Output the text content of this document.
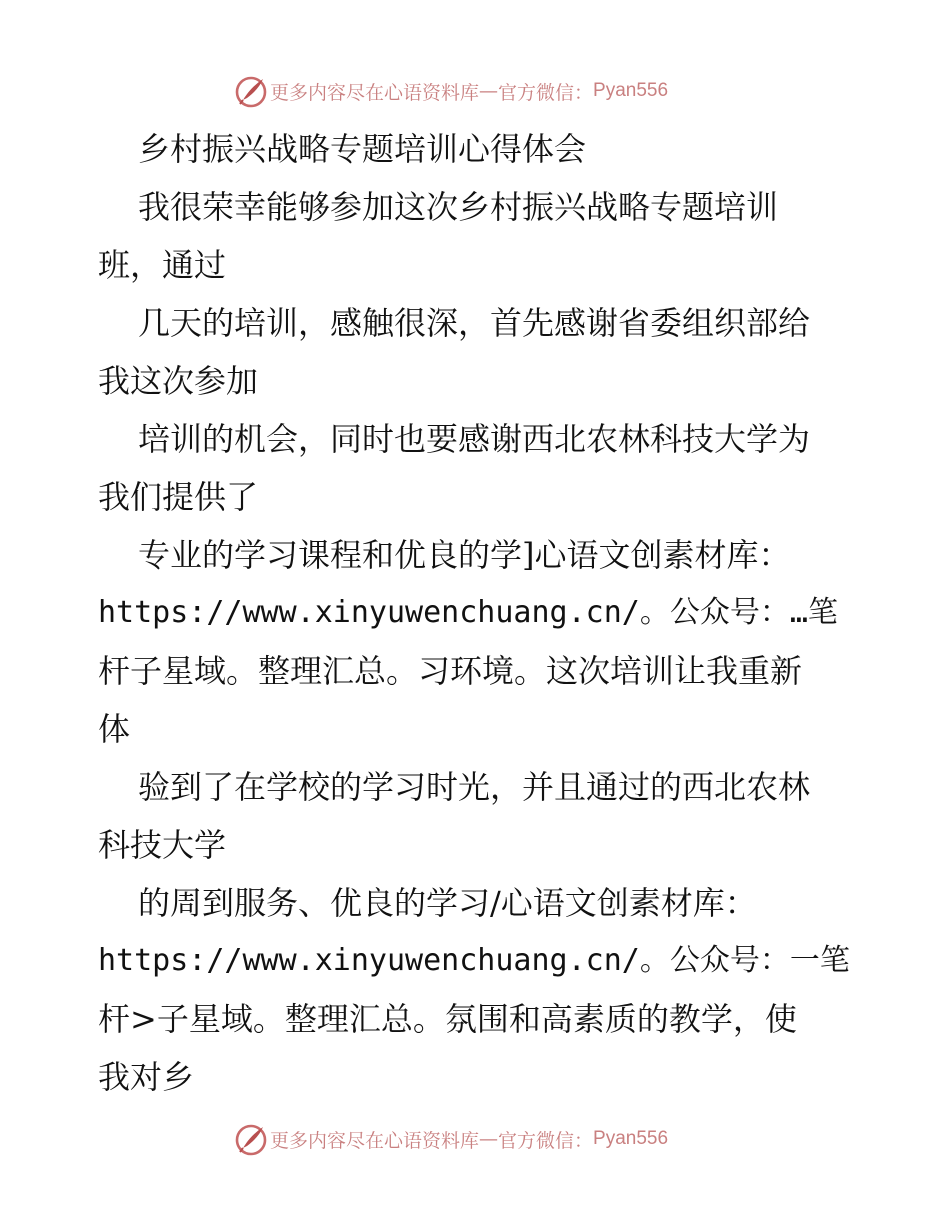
更多内容尽在心语资料库 — 官方微信： Pyan556
乡村振兴战略专题培训心得体会
我很荣幸能够参加这次乡村振兴战略专题培训
班，通过
几天的培训，感触很深，首先感谢省委组织部给
我这次参加
培训的机会，同时也要感谢西北农林科技大学为
我们提供了
专业的学习课程和优良的学]心语文创素材库：
https://www.xinyuwenchuang.cn/。公众号：…笔
杆子星域。整理汇总。习环境。这次培训让我重新
体
验到了在学校的学习时光，并且通过的西北农林
科技大学
的周到服务、优良的学习/心语文创素材库：
https://www.xinyuwenchuang.cn/。公众号：一笔
杆>子星域。整理汇总。氛围和高素质的教学，使
我对乡
更多内容尽在心语资料库 — 官方微信： Pyan556
